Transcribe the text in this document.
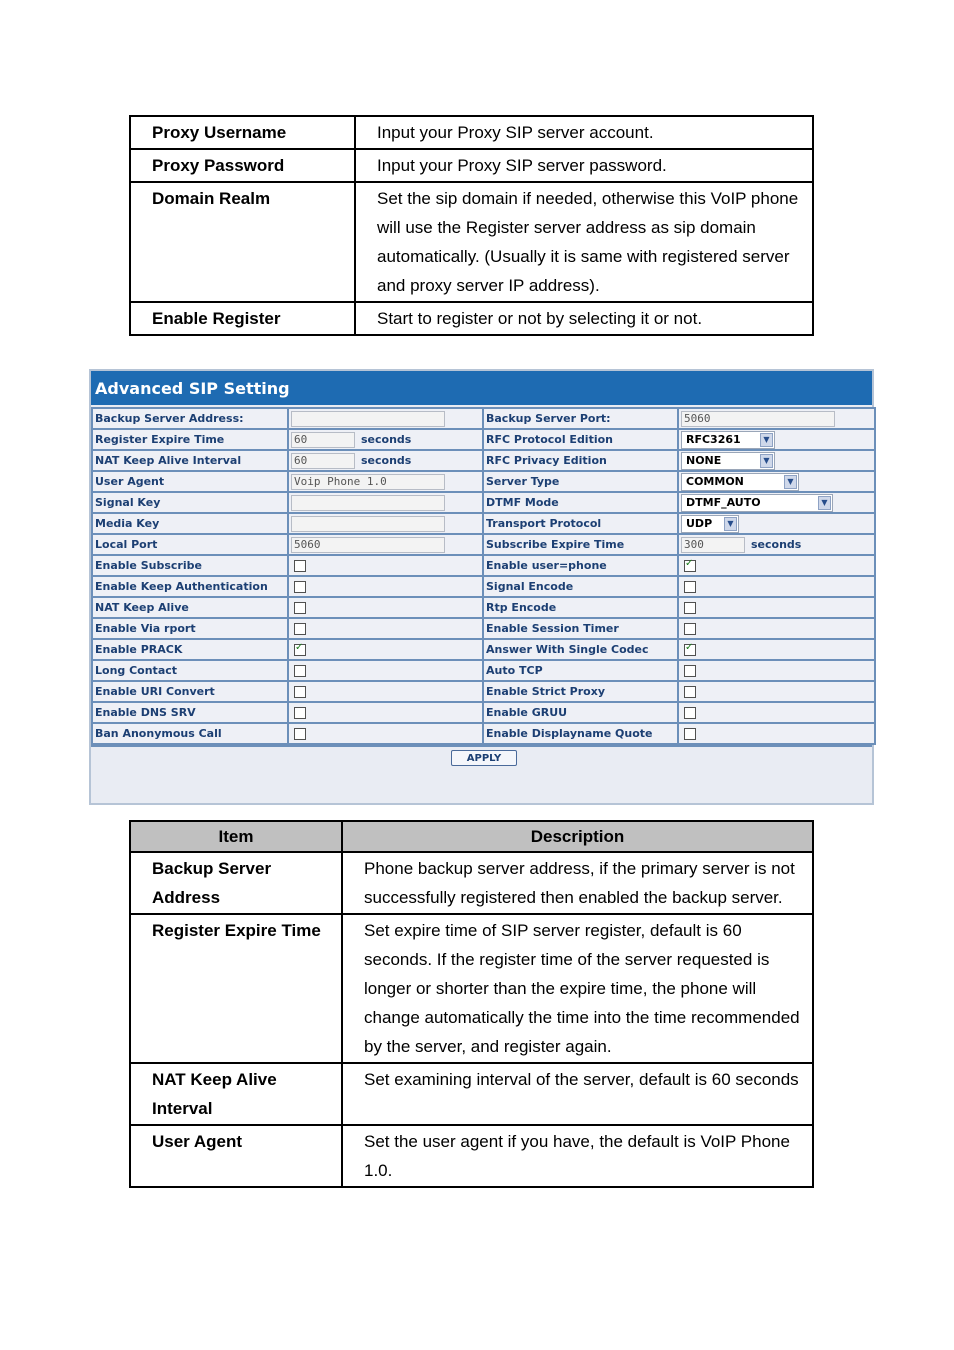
Proxy Username	Input your Proxy SIP server account.
Proxy Password	Input your Proxy SIP server password.
Domain Realm	Set the sip domain if needed, otherwise this VoIP phone will use the Register server address as sip domain automatically. (Usually it is same with registered server and proxy server IP address).
Enable Register	Start to register or not by selecting it or not.
Advanced SIP Setting
Backup Server Address:		Backup Server Port:	5060
Register Expire Time	60 seconds	RFC Protocol Edition	RFC3261 ▼

NAT Keep Alive Interval	60 seconds	RFC Privacy Edition	NONE ▼

User Agent	Voip Phone 1.0	Server Type	COMMON ▼

Signal Key		DTMF Mode	DTMF_AUTO ▼

Media Key		Transport Protocol	UDP ▼

Local Port	5060	Subscribe Expire Time	300 seconds
Enable Subscribe		Enable user=phone	✓
Enable Keep Authentication		Signal Encode	
NAT Keep Alive		Rtp Encode	
Enable Via rport		Enable Session Timer	
Enable PRACK	✓	Answer With Single Codec	✓
Long Contact		Auto TCP	
Enable URI Convert		Enable Strict Proxy	
Enable DNS SRV		Enable GRUU	
Ban Anonymous Call		Enable Displayname Quote	
APPLY
Item	Description
Backup Server Address	Phone backup server address, if the primary server is not successfully registered then enabled the backup server.
Register Expire Time	Set expire time of SIP server register, default is 60 seconds. If the register time of the server requested is longer or shorter than the expire time, the phone will change automatically the time into the time recommended by the server, and register again.
NAT Keep Alive Interval	Set examining interval of the server, default is 60 seconds
User Agent	Set the user agent if you have, the default is VoIP Phone 1.0.
